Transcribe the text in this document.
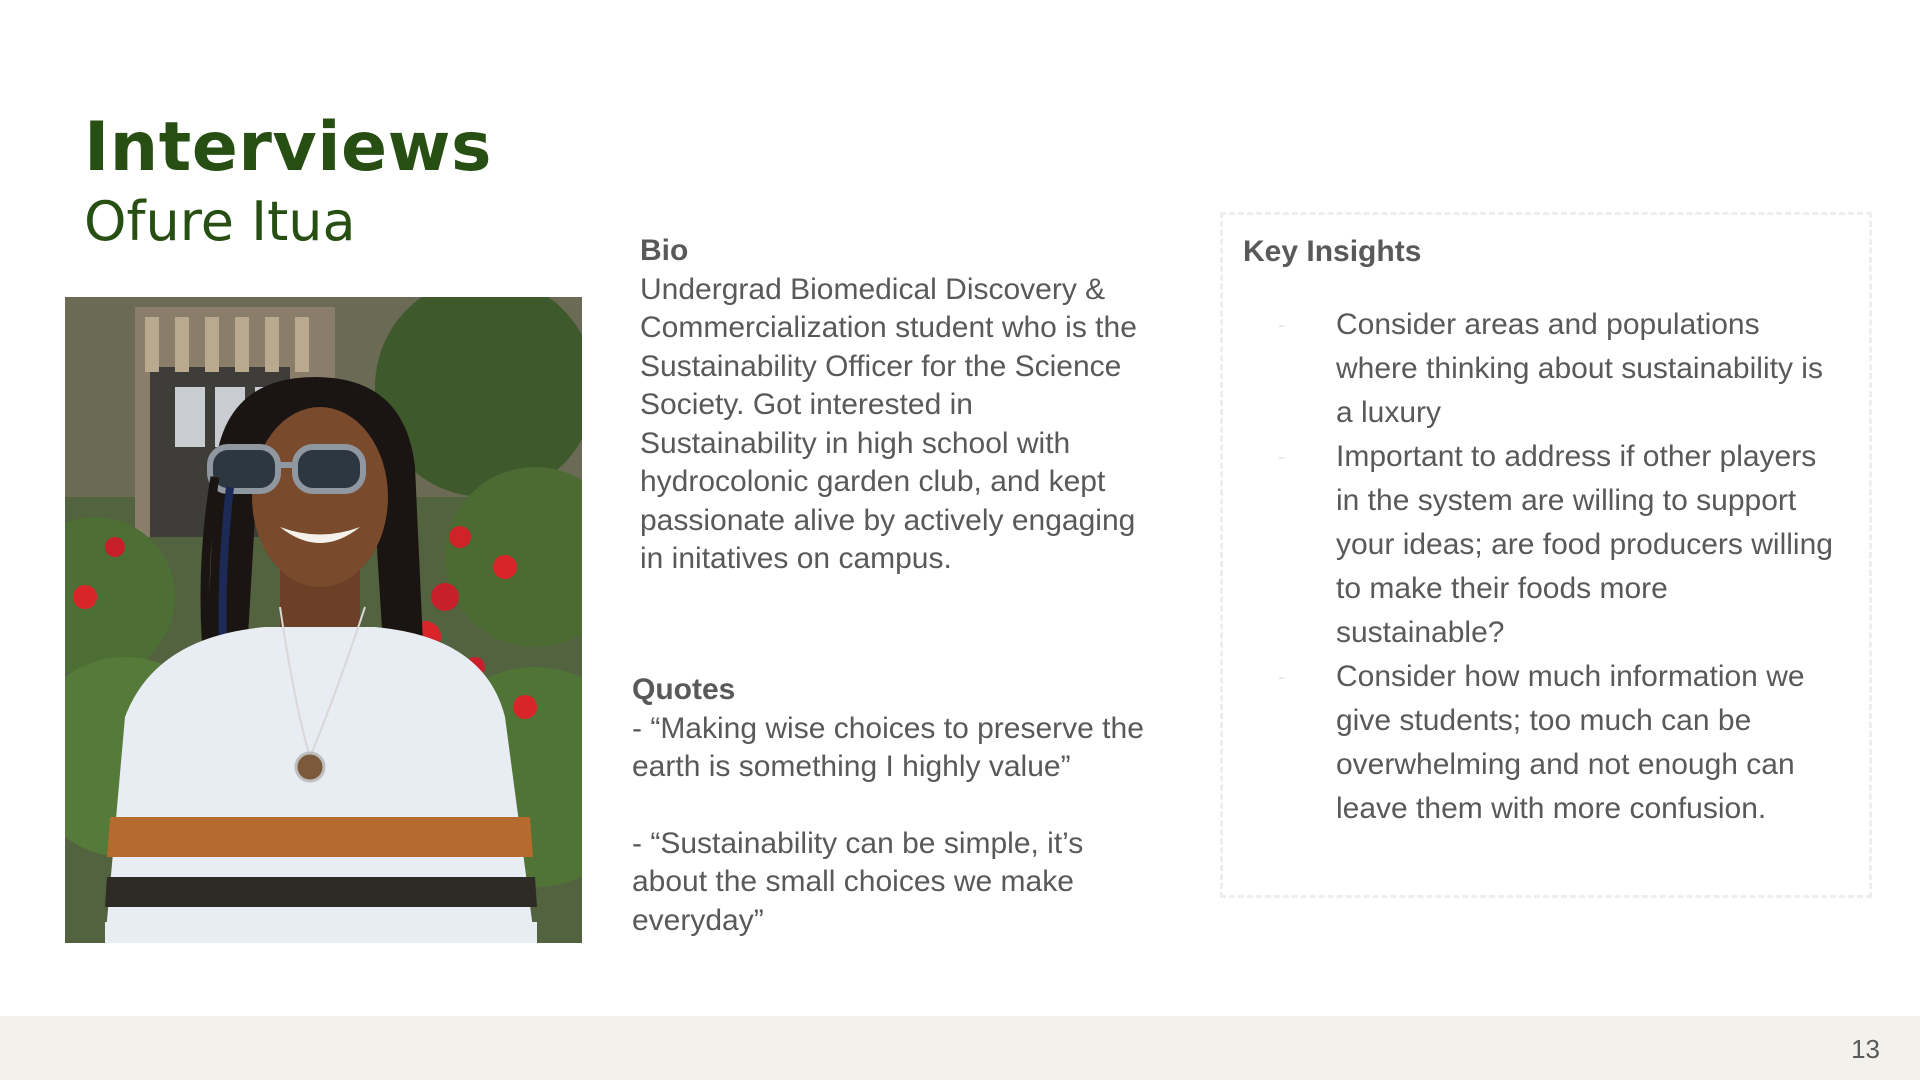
Interviews
Ofure Itua	Bio

Undergrad Biomedical Discovery &
Commercialization student who is the
Sustainability Officer for the Science
Society. Got interested in
Sustainability in high school with
hydrocolonic garden club, and kept
passionate alive by actively engaging
in initatives on campus.

Quotes

- “Making wise choices to preserve the
earth is something I highly value”

- “Sustainability can be simple, it’s
about the small choices we make
everyday”

Key Insights

- Consider areas and populations
where thinking about sustainability is
a luxury
- Important to address if other players
in the system are willing to support
your ideas; are food producers willing
to make their foods more
sustainable?
- Consider how much information we
give students; too much can be
overwhelming and not enough can
leave them with more confusion.
13
